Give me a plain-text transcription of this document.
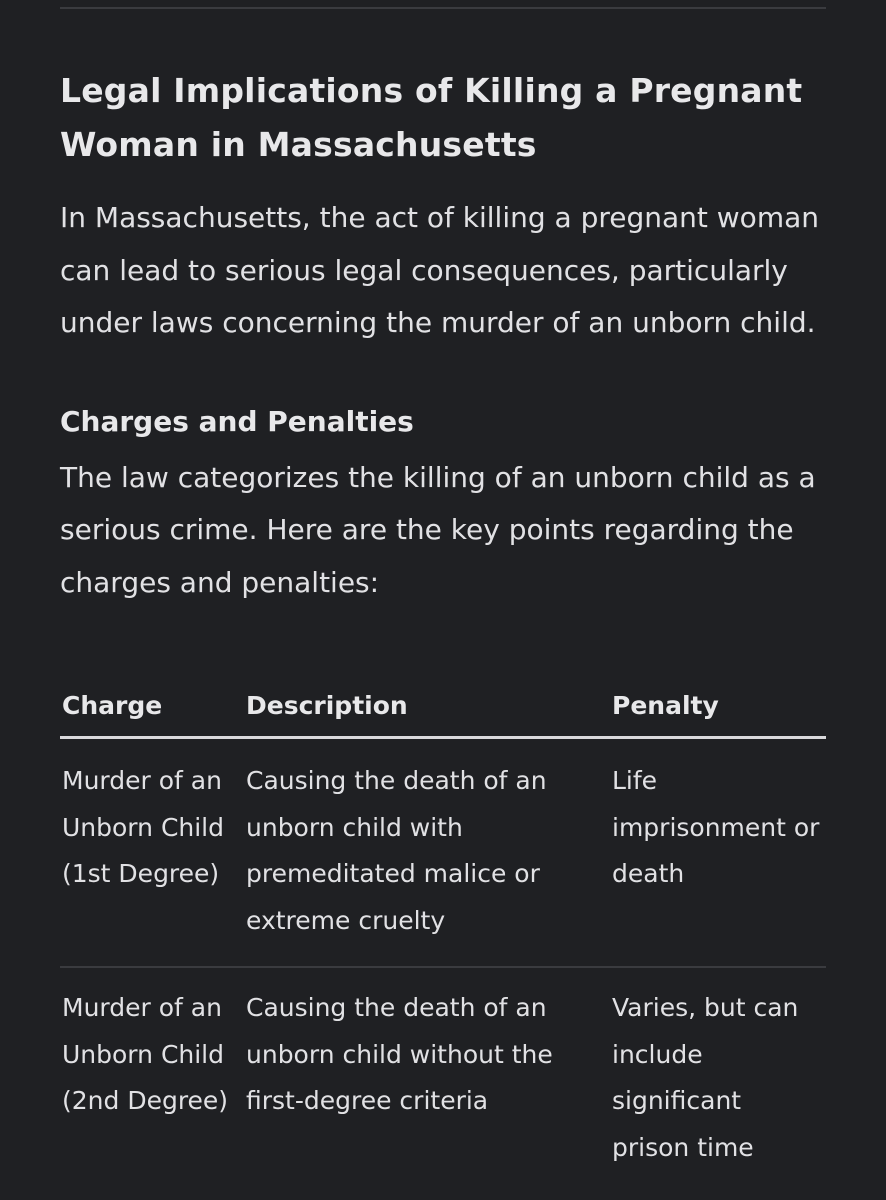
Legal Implications of Killing a Pregnant Woman in Massachusetts

In Massachusetts, the act of killing a pregnant woman can lead to serious legal consequences, particularly under laws concerning the murder of an unborn child.

Charges and Penalties

The law categorizes the killing of an unborn child as a serious crime. Here are the key points regarding the charges and penalties:

Charge	Description	Penalty
Murder of an Unborn Child (1st Degree)	Causing the death of an unborn child with premeditated malice or extreme cruelty	Life imprisonment or death
Murder of an Unborn Child (2nd Degree)	Causing the death of an unborn child without the first-degree criteria	Varies, but can include significant prison time
